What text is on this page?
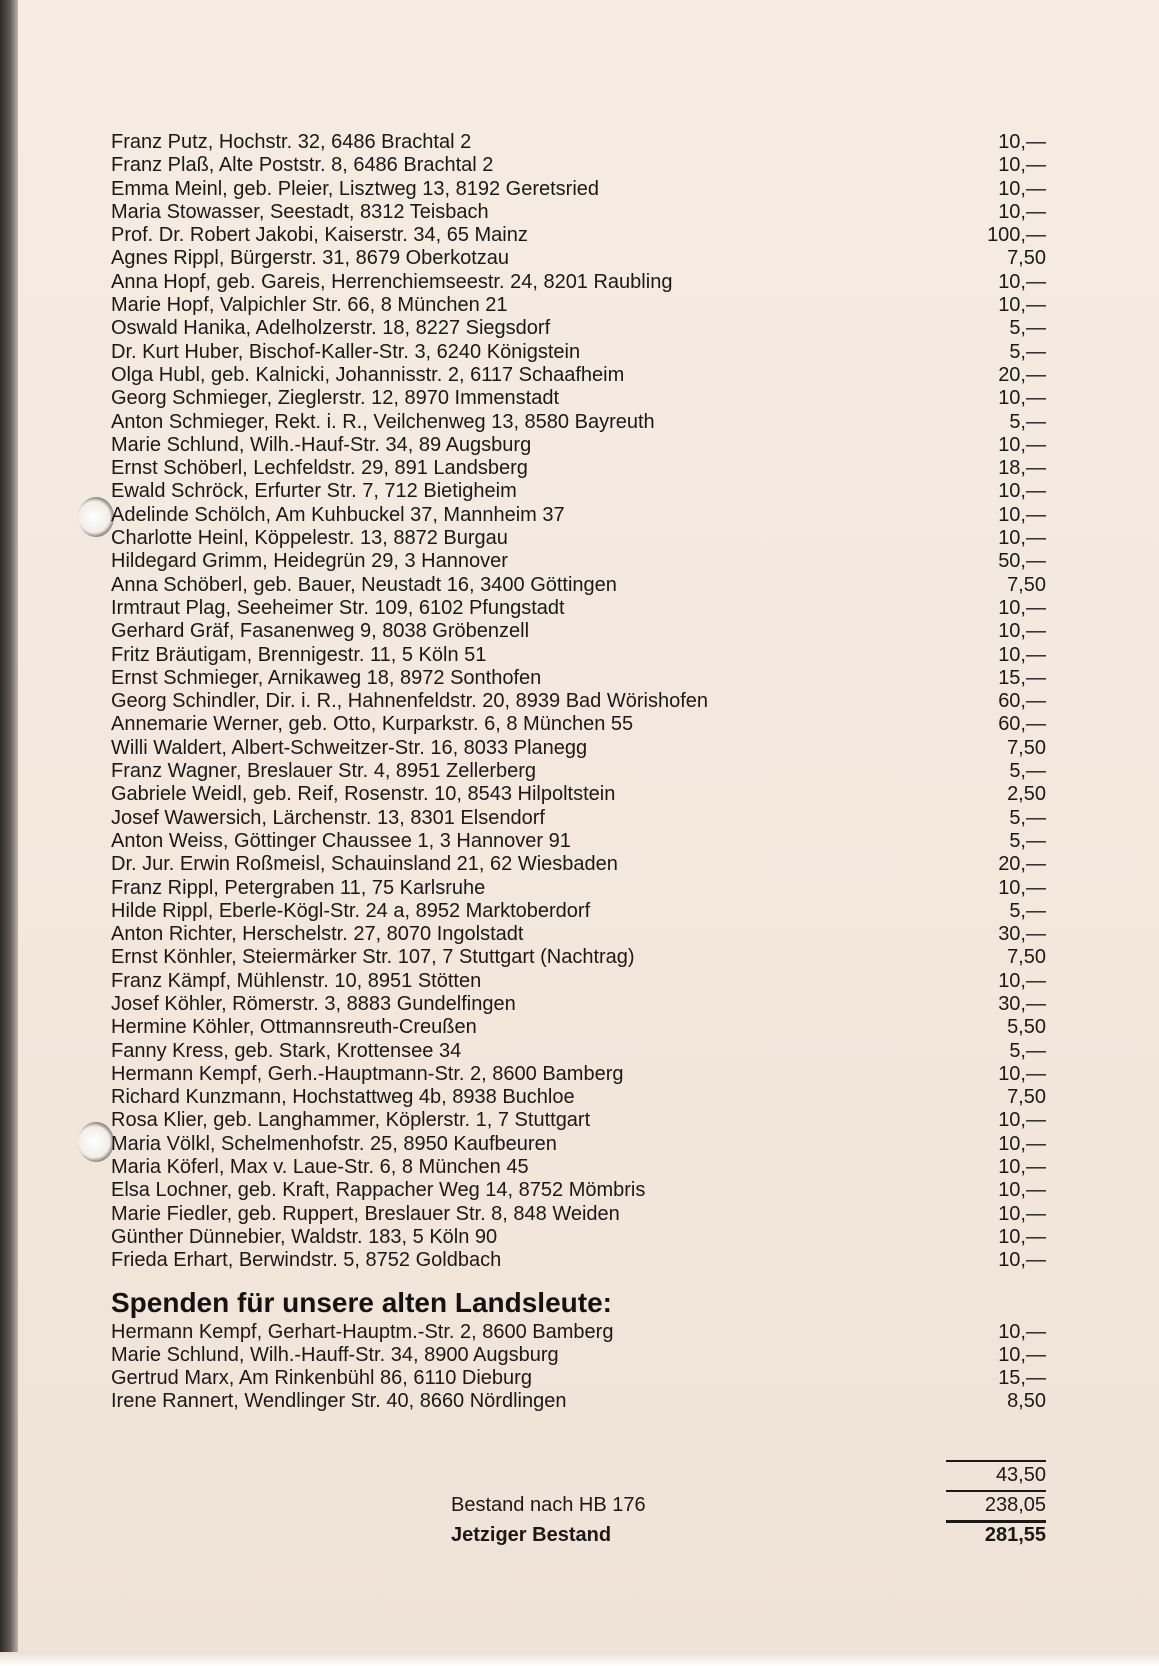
Franz Putz, Hochstr. 32, 6486 Brachtal 2	10,—
Franz Plaß, Alte Poststr. 8, 6486 Brachtal 2	10,—
Emma Meinl, geb. Pleier, Lisztweg 13, 8192 Geretsried	10,—
Maria Stowasser, Seestadt, 8312 Teisbach	10,—
Prof. Dr. Robert Jakobi, Kaiserstr. 34, 65 Mainz	100,—
Agnes Rippl, Bürgerstr. 31, 8679 Oberkotzau	7,50
Anna Hopf, geb. Gareis, Herrenchiemseestr. 24, 8201 Raubling	10,—
Marie Hopf, Valpichler Str. 66, 8 München 21	10,—
Oswald Hanika, Adelholzerstr. 18, 8227 Siegsdorf	5,—
Dr. Kurt Huber, Bischof-Kaller-Str. 3, 6240 Königstein	5,—
Olga Hubl, geb. Kalnicki, Johannisstr. 2, 6117 Schaafheim	20,—
Georg Schmieger, Zieglerstr. 12, 8970 Immenstadt	10,—
Anton Schmieger, Rekt. i. R., Veilchenweg 13, 8580 Bayreuth	5,—
Marie Schlund, Wilh.-Hauf-Str. 34, 89 Augsburg	10,—
Ernst Schöberl, Lechfeldstr. 29, 891 Landsberg	18,—
Ewald Schröck, Erfurter Str. 7, 712 Bietigheim	10,—
Adelinde Schölch, Am Kuhbuckel 37, Mannheim 37	10,—
Charlotte Heinl, Köppelestr. 13, 8872 Burgau	10,—
Hildegard Grimm, Heidegrün 29, 3 Hannover	50,—
Anna Schöberl, geb. Bauer, Neustadt 16, 3400 Göttingen	7,50
Irmtraut Plag, Seeheimer Str. 109, 6102 Pfungstadt	10,—
Gerhard Gräf, Fasanenweg 9, 8038 Gröbenzell	10,—
Fritz Bräutigam, Brennigestr. 11, 5 Köln 51	10,—
Ernst Schmieger, Arnikaweg 18, 8972 Sonthofen	15,—
Georg Schindler, Dir. i. R., Hahnenfeldstr. 20, 8939 Bad Wörishofen	60,—
Annemarie Werner, geb. Otto, Kurparkstr. 6, 8 München 55	60,—
Willi Waldert, Albert-Schweitzer-Str. 16, 8033 Planegg	7,50
Franz Wagner, Breslauer Str. 4, 8951 Zellerberg	5,—
Gabriele Weidl, geb. Reif, Rosenstr. 10, 8543 Hilpoltstein	2,50
Josef Wawersich, Lärchenstr. 13, 8301 Elsendorf	5,—
Anton Weiss, Göttinger Chaussee 1, 3 Hannover 91	5,—
Dr. Jur. Erwin Roßmeisl, Schauinsland 21, 62 Wiesbaden	20,—
Franz Rippl, Petergraben 11, 75 Karlsruhe	10,—
Hilde Rippl, Eberle-Kögl-Str. 24 a, 8952 Marktoberdorf	5,—
Anton Richter, Herschelstr. 27, 8070 Ingolstadt	30,—
Ernst Könhler, Steiermärker Str. 107, 7 Stuttgart (Nachtrag)	7,50
Franz Kämpf, Mühlenstr. 10, 8951 Stötten	10,—
Josef Köhler, Römerstr. 3, 8883 Gundelfingen	30,—
Hermine Köhler, Ottmannsreuth-Creußen	5,50
Fanny Kress, geb. Stark, Krottensee 34	5,—
Hermann Kempf, Gerh.-Hauptmann-Str. 2, 8600 Bamberg	10,—
Richard Kunzmann, Hochstattweg 4b, 8938 Buchloe	7,50
Rosa Klier, geb. Langhammer, Köplerstr. 1, 7 Stuttgart	10,—
Maria Völkl, Schelmenhofstr. 25, 8950 Kaufbeuren	10,—
Maria Köferl, Max v. Laue-Str. 6, 8 München 45	10,—
Elsa Lochner, geb. Kraft, Rappacher Weg 14, 8752 Mömbris	10,—
Marie Fiedler, geb. Ruppert, Breslauer Str. 8, 848 Weiden	10,—
Günther Dünnebier, Waldstr. 183, 5 Köln 90	10,—
Frieda Erhart, Berwindstr. 5, 8752 Goldbach	10,—
Spenden für unsere alten Landsleute:
Hermann Kempf, Gerhart-Hauptm.-Str. 2, 8600 Bamberg	10,—
Marie Schlund, Wilh.-Hauff-Str. 34, 8900 Augsburg	10,—
Gertrud Marx, Am Rinkenbühl 86, 6110 Dieburg	15,—
Irene Rannert, Wendlinger Str. 40, 8660 Nördlingen	8,50
43,50
Bestand nach HB 176	238,05
Jetziger Bestand	281,55
